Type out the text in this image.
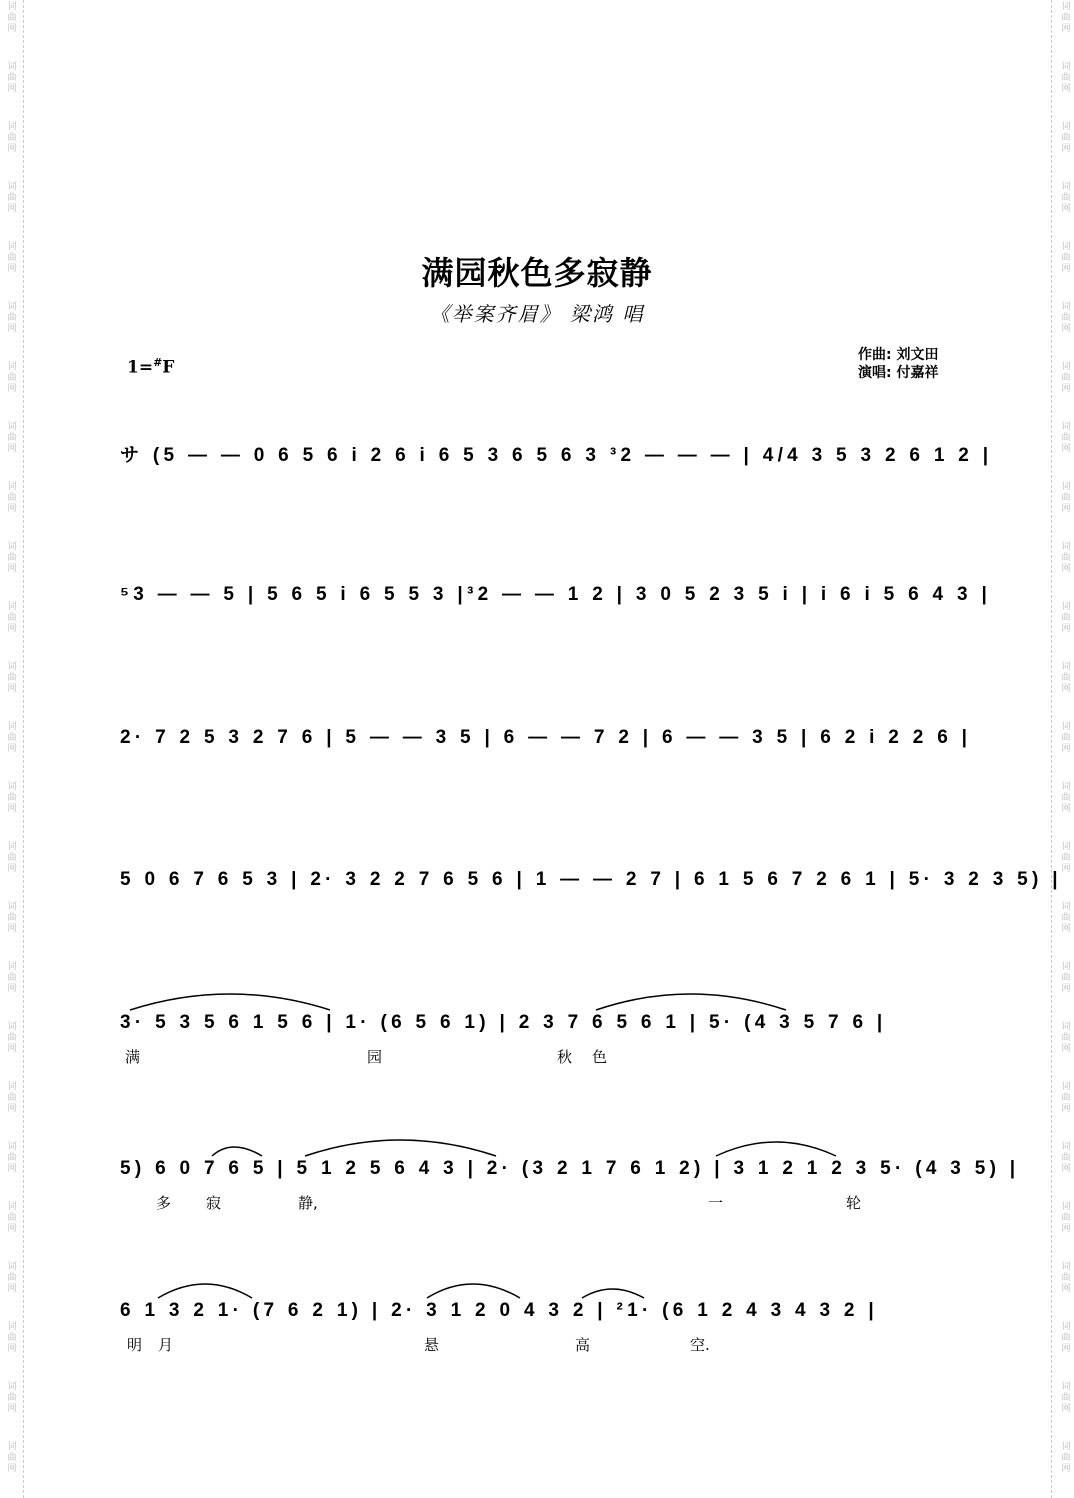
词
曲
网
词
曲
网
词
曲
网
词
曲
网
词
曲
网
词
曲
网
词
曲
网
词
曲
网
词
曲
网
词
曲
网
词
曲
网
词
曲
网
词
曲
网
词
曲
网
词
曲
网
词
曲
网
词
曲
网
词
曲
网
词
曲
网
词
曲
网
词
曲
网
词
曲
网
词
曲
网
词
曲
网
词
曲
网
词
曲
网
词
曲
网
词
曲
网
词
曲
网
词
曲
网
词
曲
网
词
曲
网
词
曲
网
词
曲
网
词
曲
网
词
曲
网
词
曲
网
词
曲
网
词
曲
网
词
曲
网
词
曲
网
词
曲
网
词
曲
网
词
曲
网
词
曲
网
词
曲
网
词
曲
网
词
曲
网
词
曲
网
词
曲
网
满园秋色多寂静
《举案齐眉》 梁鸿 唱
1=#F
作曲: 刘文田
演唱: 付嘉祥
サ (5 — — 0 6 5 6 i 2 6 i 6 5 3 6 5 6 3 ³2 — — — | 4/4 3 5 3 2 6 1 2 |
⁵3 — — 5 | 5 6 5 i 6 5 5 3 |³2 — — 1 2 | 3 0 5 2 3 5 i | i 6 i 5 6 4 3 |
2· 7 2 5 3 2 7 6 | 5 — — 3 5 | 6 — — 7 2 | 6 — — 3 5 | 6 2 i 2 2 6 |
5 0 6 7 6 5 3 | 2· 3 2 2 7 6 5 6 | 1 — — 2 7 | 6 1 5 6 7 2 6 1 | 5· 3 2 3 5) |
3· 5 3 5 6 1 5 6 | 1· (6 5 6 1) | 2 3 7 6 5 6 1 | 5· (4 3 5 7 6 |
满	园	秋 色
5) 6 0 7 6 5 | 5 1 2 5 6 4 3 | 2· (3 2 1 7 6 1 2) | 3 1 2 1 2 3 5· (4 3 5) |
多 寂	静,	一	轮
6 1 3 2 1· (7 6 2 1) | 2· 3 1 2 0 4 3 2 | ²1· (6 1 2 4 3 4 3 2 |
明 月	悬	高	空.
